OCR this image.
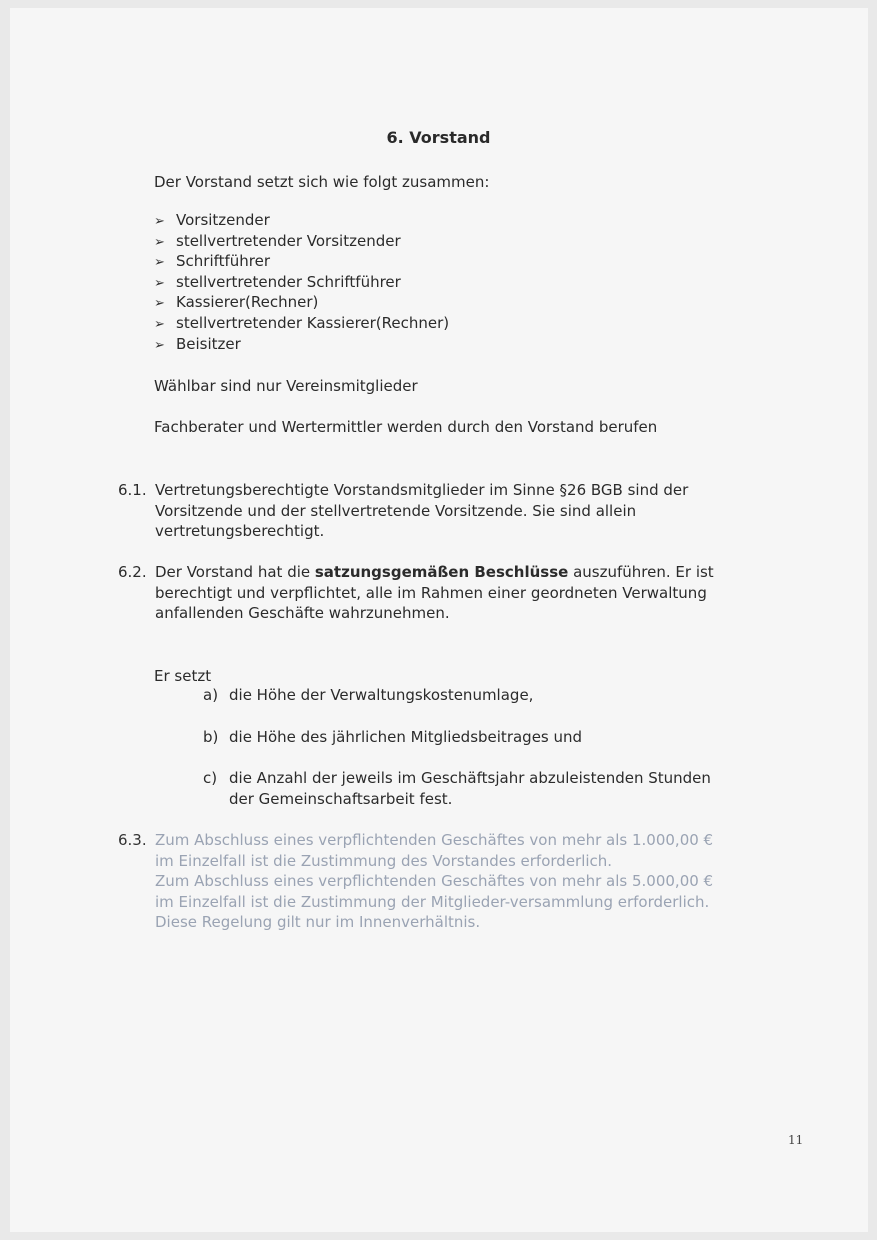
6. Vorstand

Der Vorstand setzt sich wie folgt zusammen:

➢ Vorsitzender
➢ stellvertretender Vorsitzender
➢ Schriftführer
➢ stellvertretender Schriftführer
➢ Kassierer(Rechner)
➢ stellvertretender Kassierer(Rechner)
➢ Beisitzer

Wählbar sind nur Vereinsmitglieder

Fachberater und Wertermittler werden durch den Vorstand berufen

6.1. Vertretungsberechtigte Vorstandsmitglieder im Sinne §26 BGB sind der Vorsitzende und der stellvertretende Vorsitzende. Sie sind allein vertretungsberechtigt.
6.2. Der Vorstand hat die satzungsgemäßen Beschlüsse auszuführen. Er ist berechtigt und verpflichtet, alle im Rahmen einer geordneten Verwaltung anfallenden Geschäfte wahrzunehmen.

Er setzt

a) die Höhe der Verwaltungskostenumlage,
b) die Höhe des jährlichen Mitgliedsbeitrages und
c) die Anzahl der jeweils im Geschäftsjahr abzuleistenden Stunden der Gemeinschaftsarbeit fest.
6.3. Zum Abschluss eines verpflichtenden Geschäftes von mehr als 1.000,00 € im Einzelfall ist die Zustimmung des Vorstandes erforderlich.
Zum Abschluss eines verpflichtenden Geschäftes von mehr als 5.000,00 € im Einzelfall ist die Zustimmung der Mitglieder-versammlung erforderlich.
Diese Regelung gilt nur im Innenverhältnis.
11
